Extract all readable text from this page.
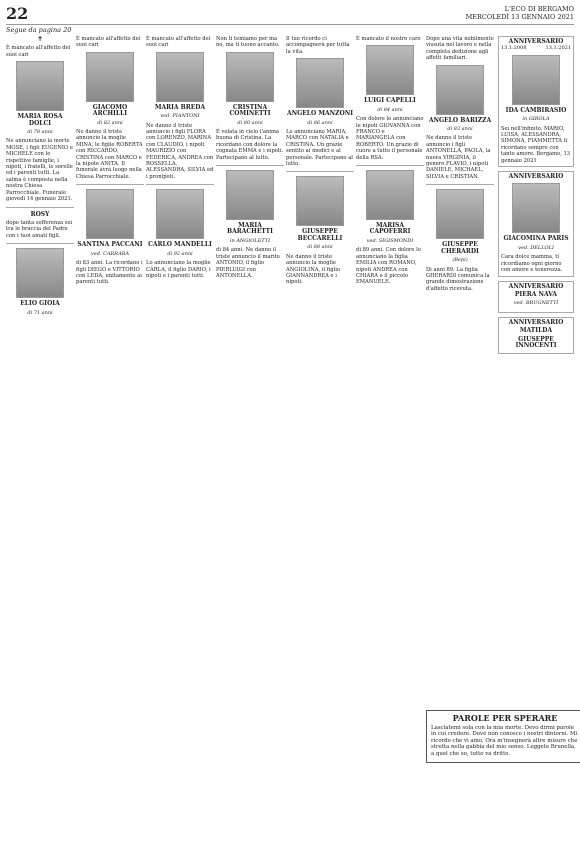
22	L'ECO DI BERGAMO
MERCOLEDÌ 13 GENNAIO 2021
Segue da pagina 20

✝

È mancato all'affetto dei suoi cari

MARIA ROSA DOLCI
di 78 anni

Ne annunciano la morte MOSÈ, i figli EUGENIO e MICHELE con le rispettive famiglie, i nipoti, i fratelli, le sorelle ed i parenti tutti. La salma è composta nella nostra Chiesa Parrocchiale. Funerale giovedì 14 gennaio 2021.

ROSY

dopo tanta sofferenza sei tra le braccia del Padre con i tuoi amati figli.

ELIO GIOIA
di 71 anni

È mancato all'affetto dei suoi cari

GIACOMO ARCHILLI
di 82 anni

Ne danno il triste annuncio la moglie MINA, le figlie ROBERTA con RICCARDO, CRISTINA con MARCO e la nipote ANITA. Il funerale avrà luogo nella Chiesa Parrocchiale.

SANTINA PACCANI
ved. CARRARA

di 83 anni. La ricordano i figli DIEGO e VITTORIO con LEDA, unitamente ai parenti tutti.

È mancato all'affetto dei suoi cari

MARIA BREDA
ved. PIANTONI

Ne danno il triste annuncio i figli FLORA con LORENZO, MARINA con CLAUDIO, i nipoti MAURIZIO con FEDERICA, ANDREA con ROSSELLA, ALESSANDRA, SILVIA ed i pronipoti.

CARLO MANDELLI
di 92 anni

Lo annunciano la moglie CARLA, il figlio DARIO, i nipoti e i parenti tutti.

Non ti temiamo per ma no, ma ti tuono accanto.

CRISTINA COMINETTI
di 80 anni

È volata in cielo l'anima buona di Cristina. La ricordano con dolore la cognata EMMA e i nipoti. Partecipano al lutto.

MARIA BARACHETTI
in ANGIOLETTI

di 84 anni. Ne danno il triste annuncio il marito ANTONIO, il figlio PIERLUIGI con ANTONELLA.

Il tuo ricordo ci accompagnerà per tutta la vita.

ANGELO MANZONI
di 86 anni

Lo annunciano MARIA, MARCO con NATALIA e CRISTINA. Un grazie sentito ai medici e al personale. Partecipano al lutto.

GIUSEPPE BECCARELLI
di 88 anni

Ne danno il triste annuncio la moglie ANGIOLINA, il figlio GIANNANDREA e i nipoti.

È mancato il nostro caro

LUIGI CAPELLI
di 84 anni

Con dolore lo annunciano le nipoti GIOVANNA con FRANCO e MARIANGELA con ROBERTO. Un grazie di cuore a tutto il personale della RSA.

MARISA CAPOFERRI
ved. SIGISMONDI

di 89 anni. Con dolore lo annunciano la figlia EMILIA con ROMANO, nipoti ANDREA con CHIARA e il piccolo EMANUELE.

Dopo una vita nobilmente vissuta nel lavoro e nella completa dedizione agli affetti familiari.

ANGELO BARIZZA
di 83 anni

Ne danno il triste annuncio i figli ANTONELLA, PAOLA, la nuora VIRGINIA, il genero FLAVIO, i nipoti DANIELE, MICHAEL, SILVIA e CRISTIAN.

GIUSEPPE CHERARDI
(Bepi)

Di anni 89. La figlia GHERARDI comunica la grande dimostrazione d'affetto ricevuta.

ANNIVERSARIO
13.1.2008	13.1.2021
IDA CAMBIRASIO
in GIROLA

Sei nell'infinito. MARIO, LUISA, ALESSANDRA, SIMONA, FIAMMETTA ti ricordano sempre con tanto amore. Bergamo, 13 gennaio 2021

ANNIVERSARIO
GIACOMINA PARIS
ved. DELLOLI

Cara dolce mamma, ti ricordiamo ogni giorno con amore e tenerezza.

ANNIVERSARIO
PIERA NAVA
ved. BRUGNETTI
ANNIVERSARIO
MATILDA
GIUSEPPE INNOCENTI
PAROLE PER SPERARE
Lasciatemi sola con la mia morte. Devo dirmi parole in cui credere. Dove non conosco i nostri dintorni. Mi ricordo che vi amo. Ora m'insegnerà altre misure che stretta nella gabbia del mio senso. Leggete Brunella, a quel che so, tutto va dritto.
